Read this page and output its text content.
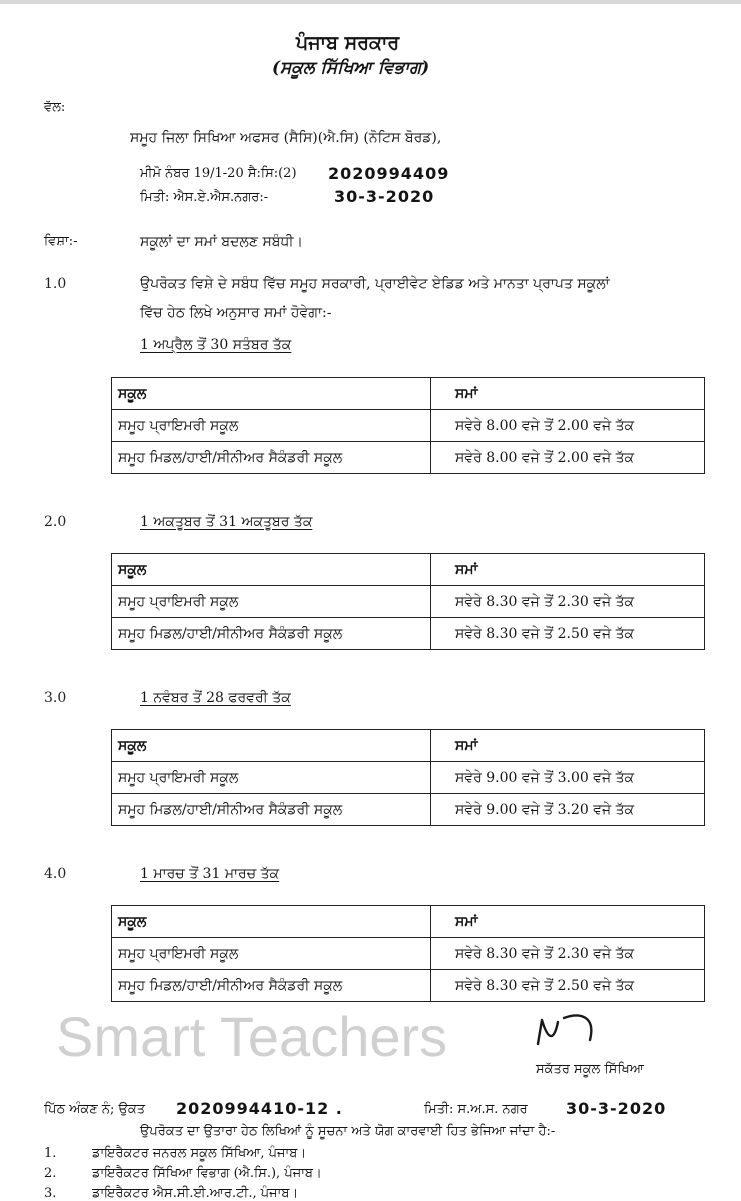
ਪੰਜਾਬ ਸਰਕਾਰ
(ਸਕੂਲ ਸਿੱਖਿਆ ਵਿਭਾਗ)
ਵੱਲ:
ਸਮੂਹ ਜਿਲਾ ਸਿਖਿਆ ਅਫਸਰ (ਸੈਸਿ)(ਐ.ਸਿ) (ਨੋਟਿਸ ਬੋਰਡ),
ਮੀਮੋ ਨੰਬਰ 19/1-20 ਸੈ:ਸਿ:(2) 2020994409
ਮਿਤੀ: ਐਸ.ਏ.ਐਸ.ਨਗਰ:-	30-3-2020
ਵਿਸ਼ਾ:-	ਸਕੂਲਾਂ ਦਾ ਸਮਾਂ ਬਦਲਣ ਸਬੰਧੀ।
1.0	ਉਪਰੋਕਤ ਵਿਸ਼ੇ ਦੇ ਸਬੰਧ ਵਿੱਚ ਸਮੂਹ ਸਰਕਾਰੀ, ਪ੍ਰਾਈਵੇਟ ਏਡਿਡ ਅਤੇ ਮਾਨਤਾ ਪ੍ਰਾਪਤ ਸਕੂਲਾਂ
ਵਿੱਚ ਹੇਠ ਲਿਖੇ ਅਨੁਸਾਰ ਸਮਾਂ ਹੋਵੇਗਾ:-
1 ਅਪ੍ਰੈਲ ਤੋਂ 30 ਸਤੰਬਰ ਤੱਕ
ਸਕੂਲ	ਸਮਾਂ
ਸਮੂਹ ਪ੍ਰਾਇਮਰੀ ਸਕੂਲ	ਸਵੇਰੇ 8.00 ਵਜੇ ਤੋਂ 2.00 ਵਜੇ ਤੱਕ
ਸਮੂਹ ਮਿਡਲ/ਹਾਈ/ਸੀਨੀਅਰ ਸੈਕੰਡਰੀ ਸਕੂਲ	ਸਵੇਰੇ 8.00 ਵਜੇ ਤੋਂ 2.00 ਵਜੇ ਤੱਕ
2.0	1 ਅਕਤੂਬਰ ਤੋਂ 31 ਅਕਤੂਬਰ ਤੱਕ
ਸਕੂਲ	ਸਮਾਂ
ਸਮੂਹ ਪ੍ਰਾਇਮਰੀ ਸਕੂਲ	ਸਵੇਰੇ 8.30 ਵਜੇ ਤੋਂ 2.30 ਵਜੇ ਤੱਕ
ਸਮੂਹ ਮਿਡਲ/ਹਾਈ/ਸੀਨੀਅਰ ਸੈਕੰਡਰੀ ਸਕੂਲ	ਸਵੇਰੇ 8.30 ਵਜੇ ਤੋਂ 2.50 ਵਜੇ ਤੱਕ
3.0	1 ਨਵੰਬਰ ਤੋਂ 28 ਫਰਵਰੀ ਤੱਕ
ਸਕੂਲ	ਸਮਾਂ
ਸਮੂਹ ਪ੍ਰਾਇਮਰੀ ਸਕੂਲ	ਸਵੇਰੇ 9.00 ਵਜੇ ਤੋਂ 3.00 ਵਜੇ ਤੱਕ
ਸਮੂਹ ਮਿਡਲ/ਹਾਈ/ਸੀਨੀਅਰ ਸੈਕੰਡਰੀ ਸਕੂਲ	ਸਵੇਰੇ 9.00 ਵਜੇ ਤੋਂ 3.20 ਵਜੇ ਤੱਕ
4.0	1 ਮਾਰਚ ਤੋਂ 31 ਮਾਰਚ ਤੱਕ
ਸਕੂਲ	ਸਮਾਂ
ਸਮੂਹ ਪ੍ਰਾਇਮਰੀ ਸਕੂਲ	ਸਵੇਰੇ 8.30 ਵਜੇ ਤੋਂ 2.30 ਵਜੇ ਤੱਕ
ਸਮੂਹ ਮਿਡਲ/ਹਾਈ/ਸੀਨੀਅਰ ਸੈਕੰਡਰੀ ਸਕੂਲ	ਸਵੇਰੇ 8.30 ਵਜੇ ਤੋਂ 2.50 ਵਜੇ ਤੱਕ
Smart Teachers
ਸਕੱਤਰ ਸਕੂਲ ਸਿੱਖਿਆ
ਪਿੱਠ ਅੰਕਣ ਨੰ; ਉਕਤ 2020994410-12 .	ਮਿਤੀ: ਸ.ਅ.ਸ. ਨਗਰ 30-3-2020
ਉਪਰੋਕਤ ਦਾ ਉਤਾਰਾ ਹੇਠ ਲਿਖਿਆਂ ਨੂੰ ਸੂਚਨਾ ਅਤੇ ਯੋਗ ਕਾਰਵਾਈ ਹਿਤ ਭੇਜਿਆ ਜਾਂਦਾ ਹੈ:-
1.	ਡਾਇਰੈਕਟਰ ਜਨਰਲ ਸਕੂਲ ਸਿੱਖਿਆ, ਪੰਜਾਬ।
2.	ਡਾਇਰੈਕਟਰ ਸਿੱਖਿਆ ਵਿਭਾਗ (ਐ.ਸਿ.), ਪੰਜਾਬ।
3.	ਡਾਇਰੈਕਟਰ ਐਸ.ਸੀ.ਈ.ਆਰ.ਟੀ., ਪੰਜਾਬ।
